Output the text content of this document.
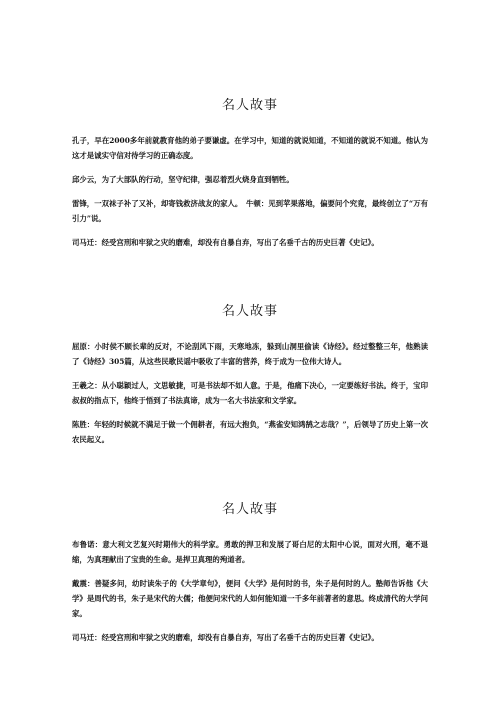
名人故事

孔子，早在2000多年前就教育他的弟子要谦虚。在学习中，知道的就说知道，不知道的就说不知道。他认为这才是诚实守信对待学习的正确态度。

邱少云，为了大部队的行动，坚守纪律，强忍着烈火烧身直到牺牲。

雷锋，一双袜子补了又补，却寄钱救济战友的家人。　牛顿：见到苹果落地，偏要问个究竟，最终创立了“万有引力”说。

司马迁：经受宫刑和牢狱之灾的磨难，却没有自暴自弃，写出了名垂千古的历史巨著《史记》。

名人故事

屈原：小时侯不顾长辈的反对，不论刮风下雨，天寒地冻，躲到山洞里偷读《诗经》。经过整整三年，他熟读了《诗经》305篇，从这些民歌民谣中吸收了丰富的营养，终于成为一位伟大诗人。

王羲之：从小聪颖过人，文思敏捷，可是书法却不如人意。于是，他痛下决心，一定要练好书法。终于，宝印叔叔的指点下，他终于悟到了书法真谛，成为一名大书法家和文学家。

陈胜：年轻的时候就不满足于做一个佣耕者，有远大抱负，“燕雀安知鸿鹄之志哉？”，后领导了历史上第一次农民起义。

名人故事

布鲁诺：意大利文艺复兴时期伟大的科学家。勇敢的捍卫和发展了哥白尼的太阳中心说，面对火刑，毫不退缩，为真理献出了宝贵的生命。是捍卫真理的殉道者。

戴震：善疑多问，幼时读朱子的《大学章句》，便问《大学》是何时的书，朱子是何时的人。塾师告诉他《大学》是周代的书，朱子是宋代的大儒；他便问宋代的人如何能知道一千多年前著者的意思。终成清代的大学问家。

司马迁：经受宫刑和牢狱之灾的磨难，却没有自暴自弃，写出了名垂千古的历史巨著《史记》。
